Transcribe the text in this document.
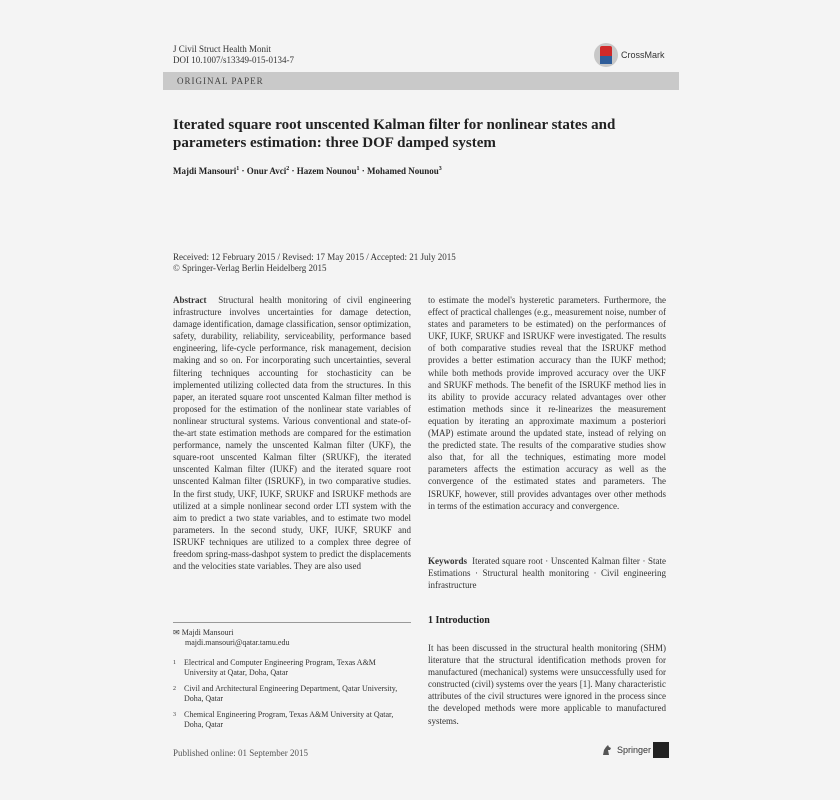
J Civil Struct Health Monit
DOI 10.1007/s13349-015-0134-7	CrossMark
ORIGINAL PAPER
Iterated square root unscented Kalman filter for nonlinear states and parameters estimation: three DOF damped system
Majdi Mansouri$^1$ · Onur Avci$^2$ · Hazem Nounou$^1$ · Mohamed Nounou$^3$
Received: 12 February 2015 / Revised: 17 May 2015 / Accepted: 21 July 2015
© Springer-Verlag Berlin Heidelberg 2015
Abstract Structural health monitoring of civil engineering infrastructure involves uncertainties for damage detection, damage identification, damage classification, sensor optimization, safety, durability, reliability, serviceability, performance based engineering, life-cycle performance, risk management, decision making and so on. For incorporating such uncertainties, several filtering techniques accounting for stochasticity can be implemented utilizing collected data from the structures. In this paper, an iterated square root unscented Kalman filter method is proposed for the estimation of the nonlinear state variables of nonlinear structural systems. Various conventional and state-of-the-art state estimation methods are compared for the estimation performance, namely the unscented Kalman filter (UKF), the square-root unscented Kalman filter (SRUKF), the iterated unscented Kalman filter (IUKF) and the iterated square root unscented Kalman filter (ISRUKF), in two comparative studies. In the first study, UKF, IUKF, SRUKF and ISRUKF methods are utilized at a simple nonlinear second order LTI system with the aim to predict a two state variables, and to estimate two model parameters. In the second study, UKF, IUKF, SRUKF and ISRUKF techniques are utilized to a complex three degree of freedom spring-mass-dashpot system to predict the displacements and the velocities state variables. They are also used
to estimate the model's hysteretic parameters. Furthermore, the effect of practical challenges (e.g., measurement noise, number of states and parameters to be estimated) on the performances of UKF, IUKF, SRUKF and ISRUKF were investigated. The results of both comparative studies reveal that the ISRUKF method provides a better estimation accuracy than the IUKF method; while both methods provide improved accuracy over the UKF and SRUKF methods. The benefit of the ISRUKF method lies in its ability to provide accuracy related advantages over other estimation methods since it re-linearizes the measurement equation by iterating an approximate maximum a posteriori (MAP) estimate around the updated state, instead of relying on the predicted state. The results of the comparative studies show also that, for all the techniques, estimating more model parameters affects the estimation accuracy as well as the convergence of the estimated states and parameters. The ISRUKF, however, still provides advantages over other methods in terms of the estimation accuracy and convergence.
Keywords Iterated square root · Unscented Kalman filter · State Estimations · Structural health monitoring · Civil engineering infrastructure
1 Introduction
It has been discussed in the structural health monitoring (SHM) literature that the structural identification methods proven for manufactured (mechanical) systems were unsuccessfully used for constructed (civil) systems over the years [1]. Many characteristic attributes of the civil structures were ignored in the process since the developed methods were more applicable to manufactured systems.
✉ Majdi Mansouri
majdi.mansouri@qatar.tamu.edu
$^1$ Electrical and Computer Engineering Program, Texas A&M University at Qatar, Doha, Qatar
$^2$ Civil and Architectural Engineering Department, Qatar University, Doha, Qatar
$^3$ Chemical Engineering Program, Texas A&M University at Qatar, Doha, Qatar
Published online: 01 September 2015	Springer
